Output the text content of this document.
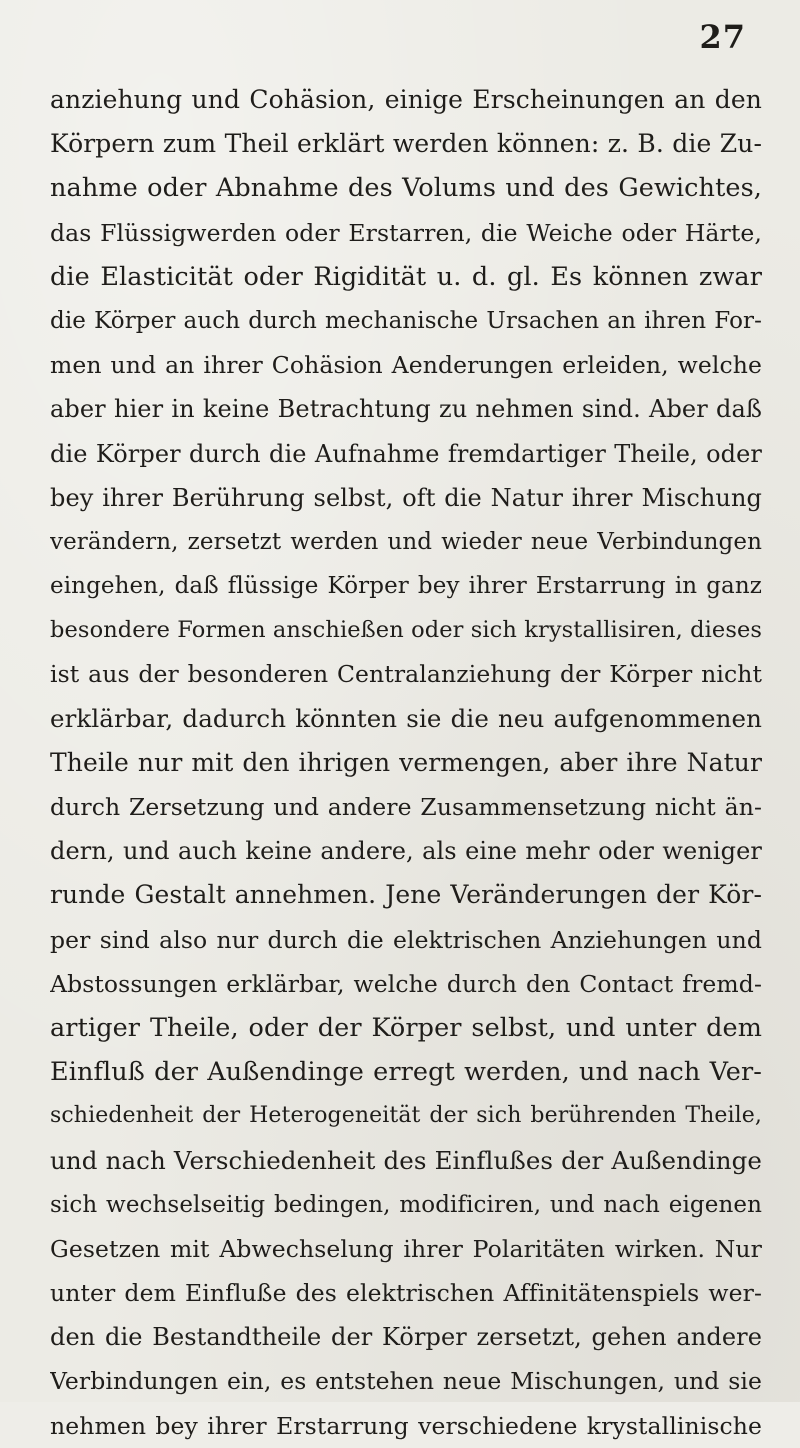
27
anziehung und Cohäsion, einige Erscheinungen an den
Körpern zum Theil erklärt werden können: z. B. die Zu-
nahme oder Abnahme des Volums und des Gewichtes,
das Flüssigwerden oder Erstarren, die Weiche oder Härte,
die Elasticität oder Rigidität u. d. gl. Es können zwar
die Körper auch durch mechanische Ursachen an ihren For-
men und an ihrer Cohäsion Aenderungen erleiden, welche
aber hier in keine Betrachtung zu nehmen sind. Aber daß
die Körper durch die Aufnahme fremdartiger Theile, oder
bey ihrer Berührung selbst, oft die Natur ihrer Mischung
verändern, zersetzt werden und wieder neue Verbindungen
eingehen, daß flüssige Körper bey ihrer Erstarrung in ganz
besondere Formen anschießen oder sich krystallisiren, dieses
ist aus der besonderen Centralanziehung der Körper nicht
erklärbar, dadurch könnten sie die neu aufgenommenen
Theile nur mit den ihrigen vermengen, aber ihre Natur
durch Zersetzung und andere Zusammensetzung nicht än-
dern, und auch keine andere, als eine mehr oder weniger
runde Gestalt annehmen. Jene Veränderungen der Kör-
per sind also nur durch die elektrischen Anziehungen und
Abstossungen erklärbar, welche durch den Contact fremd-
artiger Theile, oder der Körper selbst, und unter dem
Einfluß der Außendinge erregt werden, und nach Ver-
schiedenheit der Heterogeneität der sich berührenden Theile,
und nach Verschiedenheit des Einflußes der Außendinge
sich wechselseitig bedingen, modificiren, und nach eigenen
Gesetzen mit Abwechselung ihrer Polaritäten wirken. Nur
unter dem Einfluße des elektrischen Affinitätenspiels wer-
den die Bestandtheile der Körper zersetzt, gehen andere
Verbindungen ein, es entstehen neue Mischungen, und sie
nehmen bey ihrer Erstarrung verschiedene krystallinische
